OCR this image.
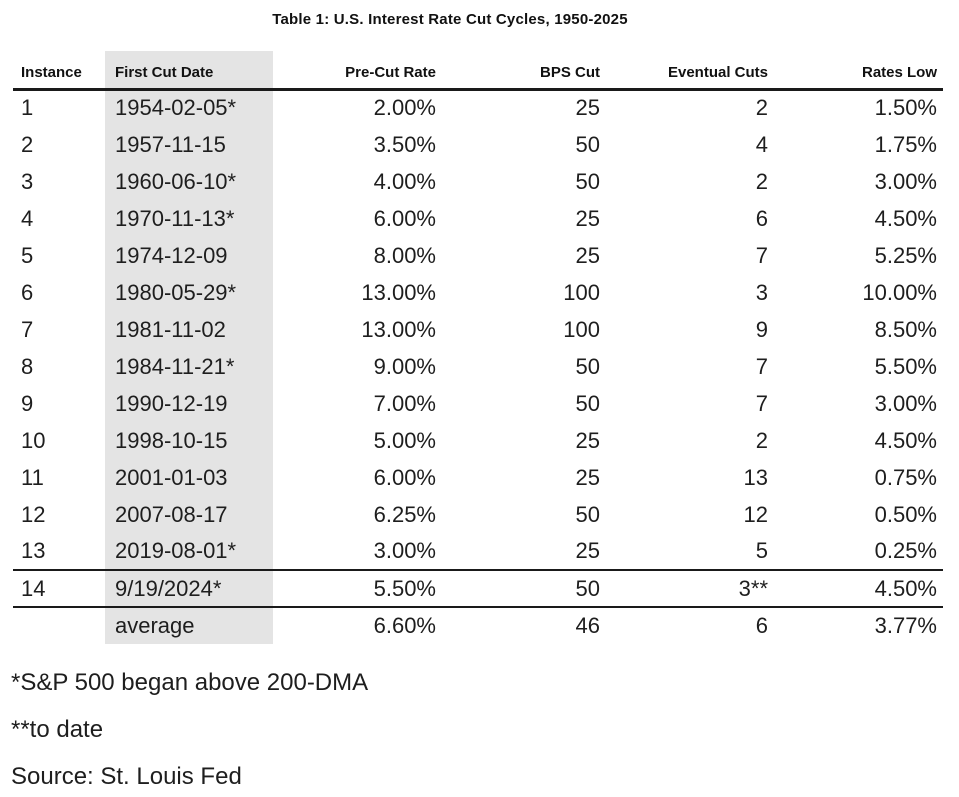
Table 1: U.S. Interest Rate Cut Cycles, 1950-2025
Instance	First Cut Date	Pre-Cut Rate	BPS Cut	Eventual Cuts	Rates Low
1	1954-02-05*	2.00%	25	2	1.50%
2	1957-11-15	3.50%	50	4	1.75%
3	1960-06-10*	4.00%	50	2	3.00%
4	1970-11-13*	6.00%	25	6	4.50%
5	1974-12-09	8.00%	25	7	5.25%
6	1980-05-29*	13.00%	100	3	10.00%
7	1981-11-02	13.00%	100	9	8.50%
8	1984-11-21*	9.00%	50	7	5.50%
9	1990-12-19	7.00%	50	7	3.00%
10	1998-10-15	5.00%	25	2	4.50%
11	2001-01-03	6.00%	25	13	0.75%
12	2007-08-17	6.25%	50	12	0.50%
13	2019-08-01*	3.00%	25	5	0.25%
14	9/19/2024*	5.50%	50	3**	4.50%
	average	6.60%	46	6	3.77%

*S&P 500 began above 200-DMA

**to date

Source: St. Louis Fed
